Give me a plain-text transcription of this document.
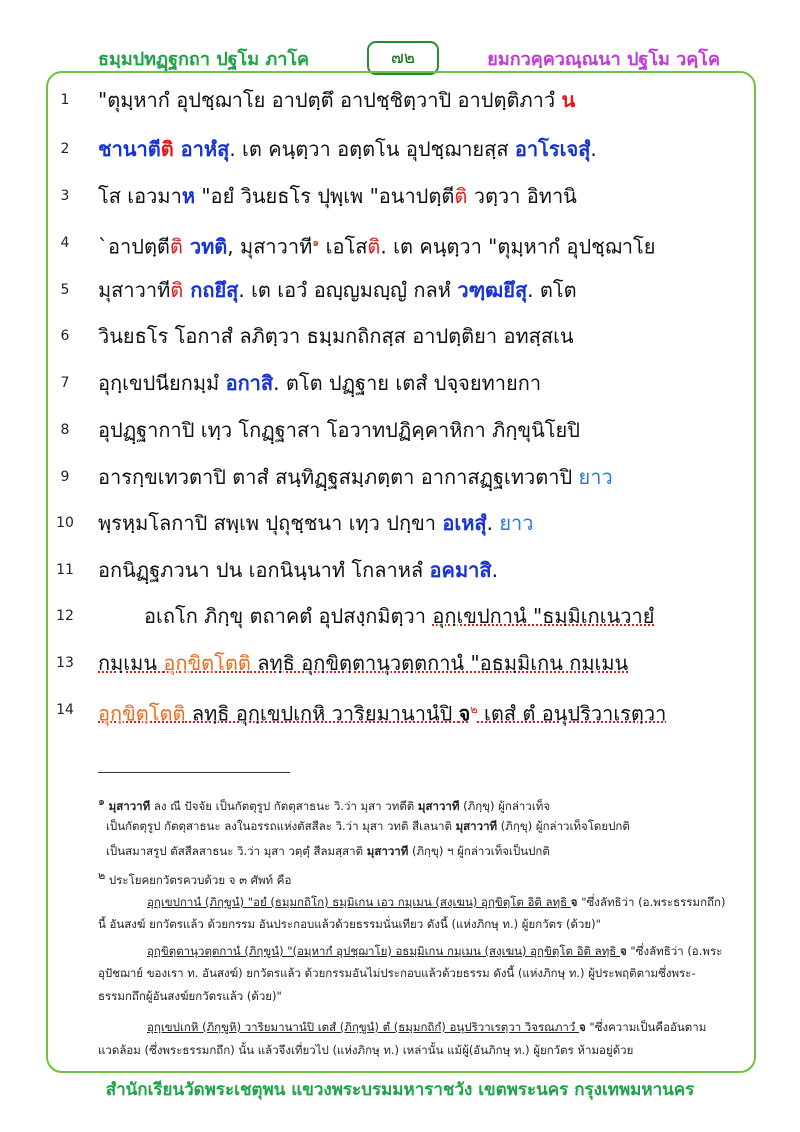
ธมฺมปทฏฺฐกถา ปฐโม ภาโค	๗๒	ยมกวคฺควณฺณนา ปฐโม วคฺโค
1
2
3
4
5
6
7
8
9
10
11
12
13
14
"ตุมฺหากํ อุปชฺฌาโย อาปตฺตึ อาปชฺชิตฺวาปิ อาปตฺติภาวํ น
ชานาตีติ อาหํสุ. เต คนฺตฺวา อตฺตโน อุปชฺฌายสฺส อาโรเจสุํ.
โส เอวมาห "อยํ วินยธโร ปุพฺเพ "อนาปตฺตีติ วตฺวา อิทานิ
`อาปตฺตีติ วทติ, มุสาวาที$^๑$ เอโสติ. เต คนฺตฺวา "ตุมฺหากํ อุปชฺฌาโย
มุสาวาทีติ กถยึสุ. เต เอวํ อญฺญมญฺญํ กลหํ วฑฺฒยึสุ. ตโต
วินยธโร โอกาสํ ลภิตฺวา ธมฺมกถิกสฺส อาปตฺติยา อทสฺสเน
อุกฺเขปนียกมฺมํ อกาสิ. ตโต ปฏฺฐาย เตสํ ปจฺจยทายกา
อุปฏฺฐากาปิ เทฺว โกฏฺฐาสา โอวาทปฏิคฺคาหิกา ภิกฺขุนิโยปิ
อารกฺขเทวตาปิ ตาสํ สนฺทิฏฺฐสมฺภตฺตา อากาสฏฺฐเทวตาปิ ยาว
พฺรหฺมโลกาปิ สพฺเพ ปุถุชฺชนา เทฺว ปกฺขา อเหสุํ. ยาว
อกนิฏฺฐภวนา ปน เอกนินฺนาทํ โกลาหลํ อคมาสิ.
อเถโก ภิกฺขุ ตถาคตํ อุปสงฺกมิตฺวา อุกฺเขปกานํ "ธมฺมิเกเนวายํ
กมฺเมน อุกฺขิตฺโตติ ลทฺธิ อุกฺขิตฺตานุวตฺตกานํ "อธมฺมิเกน กมฺเมน
อุกฺขิตฺโตติ ลทฺธิ อุกฺเขปเกหิ วาริยมานานํปิ จ$^๒$ เตสํ ตํ อนุปริวาเรตฺวา
๑ มุสาวาที ลง ณี ปัจจัย เป็นกัตตุรูป กัตตุสาธนะ วิ.ว่า มุสา วทตีติ มุสาวาที (ภิกฺขุ) ผู้กล่าวเท็จ
เป็นกัตตุรูป กัตตุสาธนะ ลงในอรรถแห่งตัสสีละ วิ.ว่า มุสา วทติ สีเลนาติ มุสาวาที (ภิกฺขุ) ผู้กล่าวเท็จโดยปกติ
เป็นสมาสรูป ตัสสีลสาธนะ วิ.ว่า มุสา วตฺตุํ สีลมสฺสาติ มุสาวาที (ภิกฺขุ) ฯ ผู้กล่าวเท็จเป็นปกติ
๒ ประโยคยกวัตรควบด้วย จ ๓ ศัพท์ คือ
อุกฺเขปกานํ (ภิกฺขูนํ) "อยํ (ธมฺมกถิโก) ธมฺมิเกน เอว กมฺเมน (สงฺเฆน) อุกฺขิตฺโต อิติ ลทฺธิ จ "ซึ่งลัทธิว่า (อ.พระธรรมกถึก)
นี้ อันสงฆ์ ยกวัตรแล้ว ด้วยกรรม อันประกอบแล้วด้วยธรรมนั่นเทียว ดังนี้ (แห่งภิกษุ ท.) ผู้ยกวัตร (ด้วย)"
อุกฺขิตฺตานุวตฺตกานํ (ภิกฺขูนํ) "(อมฺหากํ อุปชฺฌาโย) อธมฺมิเกน กมฺเมน (สงฺเฆน) อุกฺขิตฺโต อิติ ลทฺธิ จ "ซึ่งลัทธิว่า (อ.พระ
อุปัชฌาย์ ของเรา ท. อันสงฆ์) ยกวัตรแล้ว ด้วยกรรมอันไม่ประกอบแล้วด้วยธรรม ดังนี้ (แห่งภิกษุ ท.) ผู้ประพฤติตามซึ่งพระ-
ธรรมกถึกผู้อันสงฆ์ยกวัตรแล้ว (ด้วย)"
อุกฺเขปเกหิ (ภิกฺขูหิ) วาริยมานานํปิ เตสํ (ภิกฺขูนํ) ตํ (ธมฺมกถิกํ) อนุปริวาเรตฺวา วิจรณภาวํ จ "ซึ่งความเป็นคืออันตาม
แวดล้อม (ซึ่งพระธรรมกถึก) นั้น แล้วจึงเที่ยวไป (แห่งภิกษุ ท.) เหล่านั้น แม้ผู้(อันภิกษุ ท.) ผู้ยกวัตร ห้ามอยู่ด้วย
สำนักเรียนวัดพระเชตุพน แขวงพระบรมมหาราชวัง เขตพระนคร กรุงเทพมหานคร
